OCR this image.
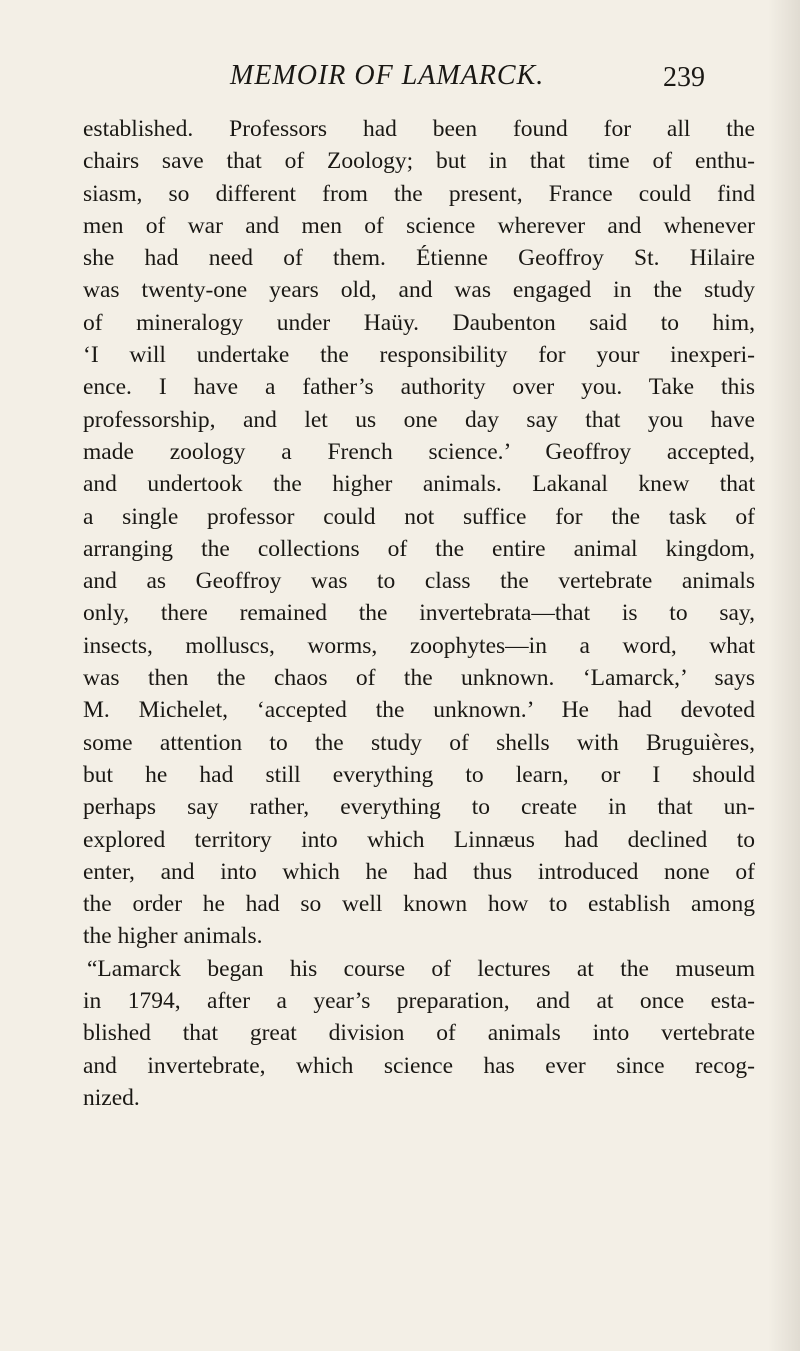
MEMOIR OF LAMARCK.	239
established. Professors had been found for all the
chairs save that of Zoology; but in that time of enthu-
siasm, so different from the present, France could find
men of war and men of science wherever and whenever
she had need of them. Étienne Geoffroy St. Hilaire
was twenty-one years old, and was engaged in the study
of mineralogy under Haüy. Daubenton said to him,
‘I will undertake the responsibility for your inexperi-
ence. I have a father’s authority over you. Take this
professorship, and let us one day say that you have
made zoology a French science.’ Geoffroy accepted,
and undertook the higher animals. Lakanal knew that
a single professor could not suffice for the task of
arranging the collections of the entire animal kingdom,
and as Geoffroy was to class the vertebrate animals
only, there remained the invertebrata—that is to say,
insects, molluscs, worms, zoophytes—in a word, what
was then the chaos of the unknown. ‘Lamarck,’ says
M. Michelet, ‘accepted the unknown.’ He had devoted
some attention to the study of shells with Bruguières,
but he had still everything to learn, or I should
perhaps say rather, everything to create in that un-
explored territory into which Linnæus had declined to
enter, and into which he had thus introduced none of
the order he had so well known how to establish among
the higher animals.
“Lamarck began his course of lectures at the museum
in 1794, after a year’s preparation, and at once esta-
blished that great division of animals into vertebrate
and invertebrate, which science has ever since recog-
nized.
